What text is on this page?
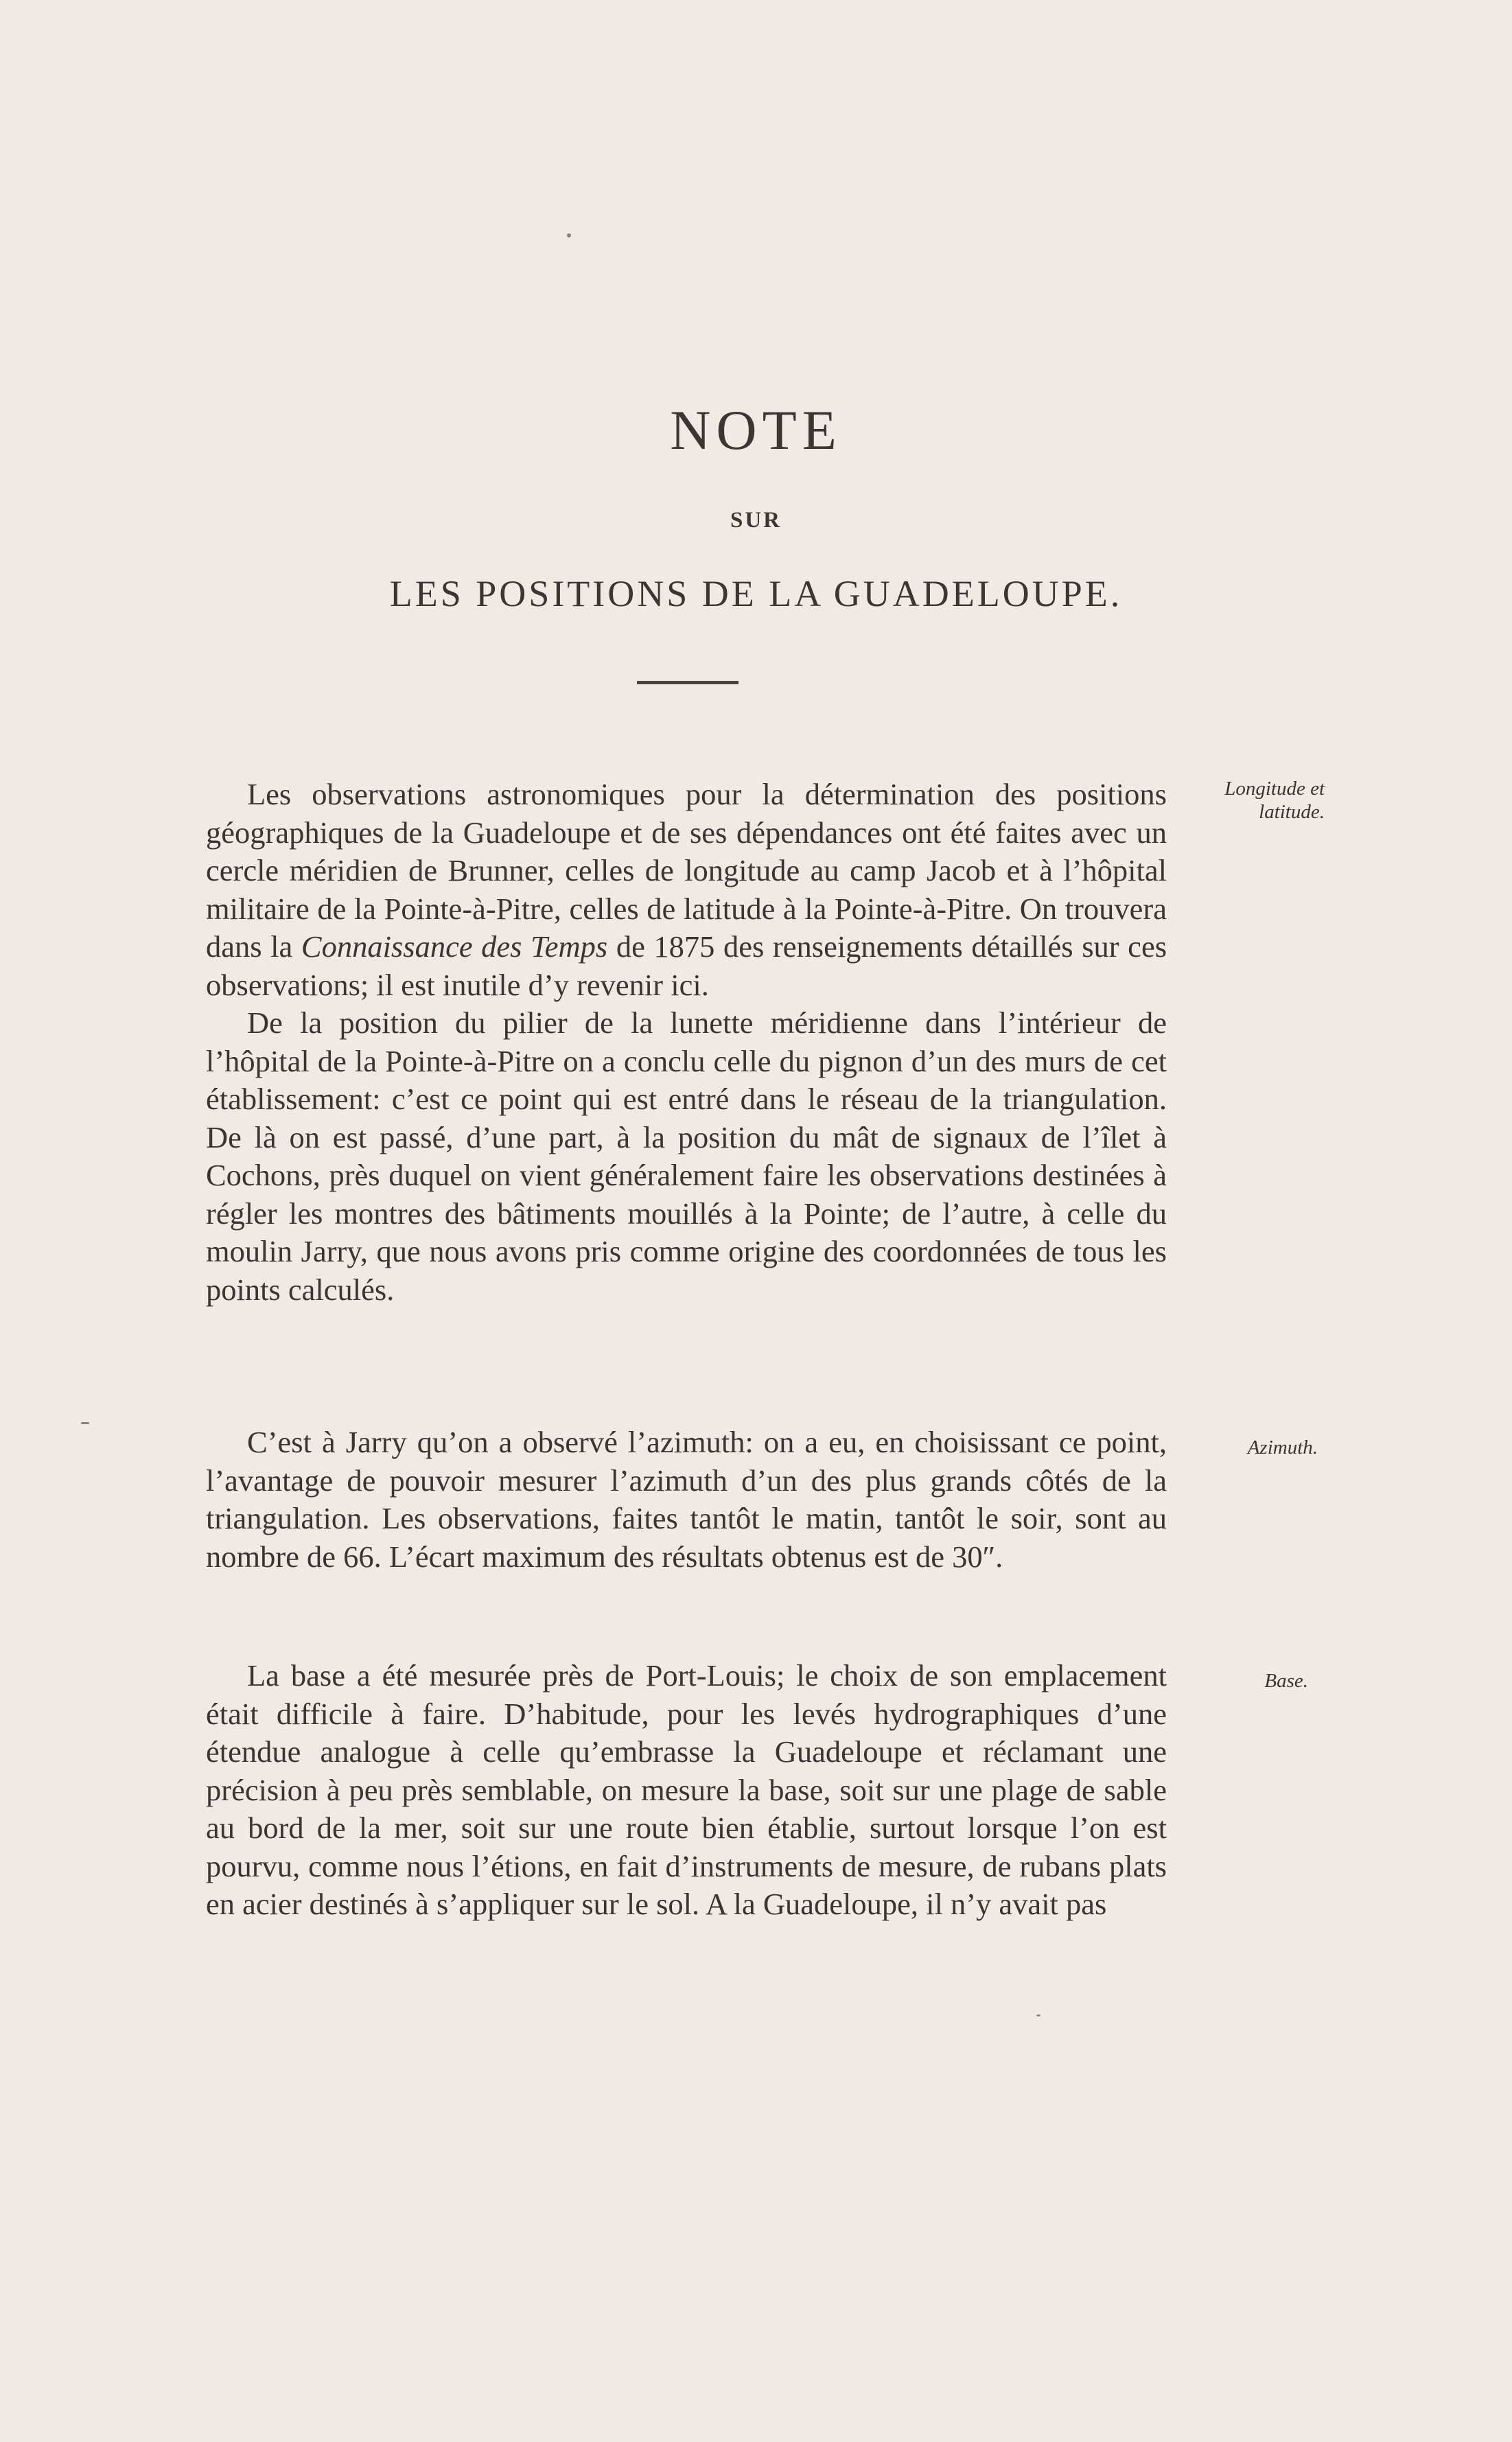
NOTE
SUR
LES POSITIONS DE LA GUADELOUPE.
Longitude et latitude.

Les observations astronomiques pour la détermination des positions géographiques de la Guadeloupe et de ses dépendances ont été faites avec un cercle méridien de Brunner, celles de longitude au camp Jacob et à l’hôpital militaire de la Pointe-à-Pitre, celles de latitude à la Pointe-à-Pitre. On trouvera dans la Connaissance des Temps de 1875 des renseignements détaillés sur ces observations; il est inutile d’y revenir ici.

De la position du pilier de la lunette méridienne dans l’intérieur de l’hôpital de la Pointe-à-Pitre on a conclu celle du pignon d’un des murs de cet établissement: c’est ce point qui est entré dans le réseau de la triangulation. De là on est passé, d’une part, à la position du mât de signaux de l’îlet à Cochons, près duquel on vient généralement faire les observations destinées à régler les montres des bâtiments mouillés à la Pointe; de l’autre, à celle du moulin Jarry, que nous avons pris comme origine des coordonnées de tous les points calculés.

Azimuth.

C’est à Jarry qu’on a observé l’azimuth: on a eu, en choisissant ce point, l’avantage de pouvoir mesurer l’azimuth d’un des plus grands côtés de la triangulation. Les observations, faites tantôt le matin, tantôt le soir, sont au nombre de 66. L’écart maximum des résultats obtenus est de 30″.

Base.

La base a été mesurée près de Port-Louis; le choix de son emplacement était difficile à faire. D’habitude, pour les levés hydrographiques d’une étendue analogue à celle qu’embrasse la Guadeloupe et réclamant une précision à peu près semblable, on mesure la base, soit sur une plage de sable au bord de la mer, soit sur une route bien établie, surtout lorsque l’on est pourvu, comme nous l’étions, en fait d’instruments de mesure, de rubans plats en acier destinés à s’appliquer sur le sol. A la Guadeloupe, il n’y avait pas
